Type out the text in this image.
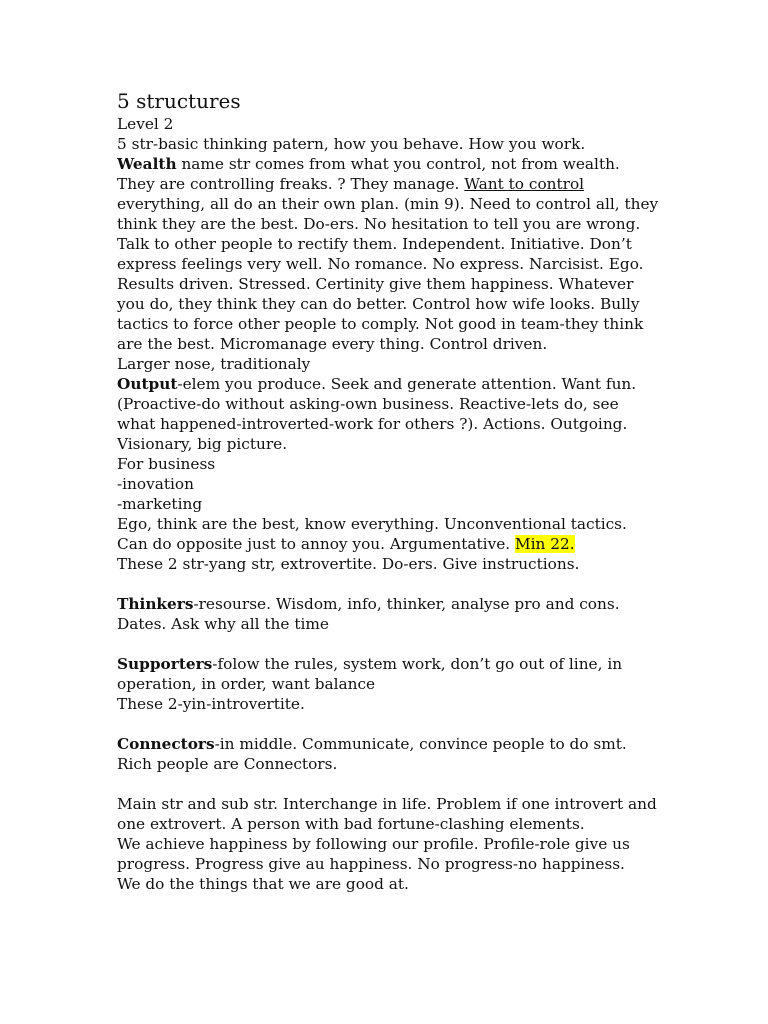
5 structures
Level 2
5 str-basic thinking patern, how you behave. How you work.
Wealth name str comes from what you control, not from wealth.
They are controlling freaks. ? They manage. Want to control
everything, all do an their own plan. (min 9). Need to control all, they
think they are the best. Do-ers. No hesitation to tell you are wrong.
Talk to other people to rectify them. Independent. Initiative. Don’t
express feelings very well. No romance. No express. Narcisist. Ego.
Results driven. Stressed. Certinity give them happiness. Whatever
you do, they think they can do better. Control how wife looks. Bully
tactics to force other people to comply. Not good in team-they think
are the best. Micromanage every thing. Control driven.
Larger nose, traditionaly
Output-elem you produce. Seek and generate attention. Want fun.
(Proactive-do without asking-own business. Reactive-lets do, see
what happened-introverted-work for others ?). Actions. Outgoing.
Visionary, big picture.
For business
-inovation
-marketing
Ego, think are the best, know everything. Unconventional tactics.
Can do opposite just to annoy you. Argumentative. Min 22.
These 2 str-yang str, extrovertite. Do-ers. Give instructions.
Thinkers-resourse. Wisdom, info, thinker, analyse pro and cons.
Dates. Ask why all the time
Supporters-folow the rules, system work, don’t go out of line, in
operation, in order, want balance
These 2-yin-introvertite.
Connectors-in middle. Communicate, convince people to do smt.
Rich people are Connectors.
Main str and sub str. Interchange in life. Problem if one introvert and
one extrovert. A person with bad fortune-clashing elements.
We achieve happiness by following our profile. Profile-role give us
progress. Progress give au happiness. No progress-no happiness.
We do the things that we are good at.
